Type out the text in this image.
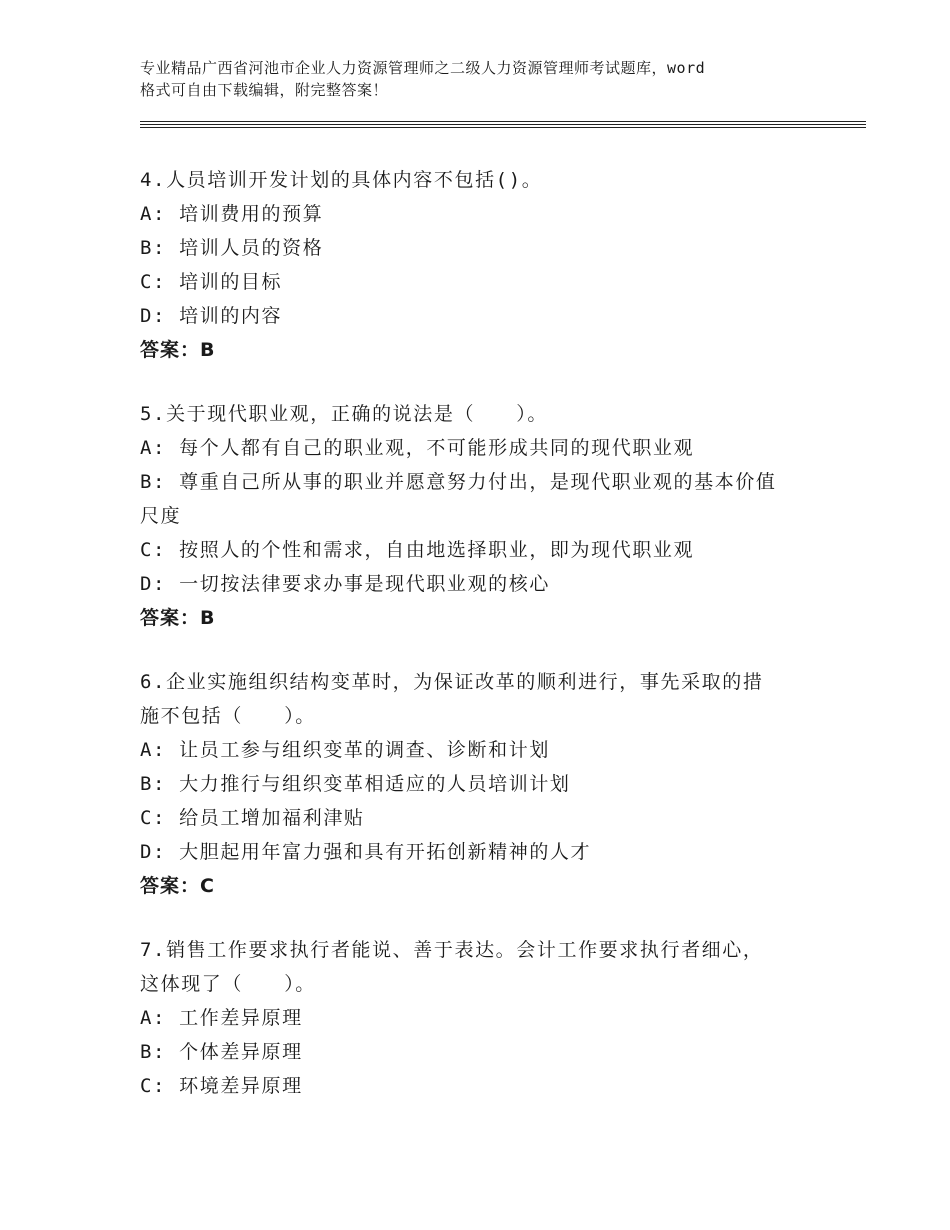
专业精品广西省河池市企业人力资源管理师之二级人力资源管理师考试题库，word
格式可自由下载编辑，附完整答案！
4.人员培训开发计划的具体内容不包括()。
A: 培训费用的预算
B: 培训人员的资格
C: 培训的目标
D: 培训的内容
答案：B
5.关于现代职业观，正确的说法是（　　）。
A: 每个人都有自己的职业观，不可能形成共同的现代职业观
B: 尊重自己所从事的职业并愿意努力付出，是现代职业观的基本价值
尺度
C: 按照人的个性和需求，自由地选择职业，即为现代职业观
D: 一切按法律要求办事是现代职业观的核心
答案：B
6.企业实施组织结构变革时，为保证改革的顺利进行，事先采取的措
施不包括（　　）。
A: 让员工参与组织变革的调查、诊断和计划
B: 大力推行与组织变革相适应的人员培训计划
C: 给员工增加福利津贴
D: 大胆起用年富力强和具有开拓创新精神的人才
答案：C
7.销售工作要求执行者能说、善于表达。会计工作要求执行者细心，
这体现了（　　）。
A: 工作差异原理
B: 个体差异原理
C: 环境差异原理
